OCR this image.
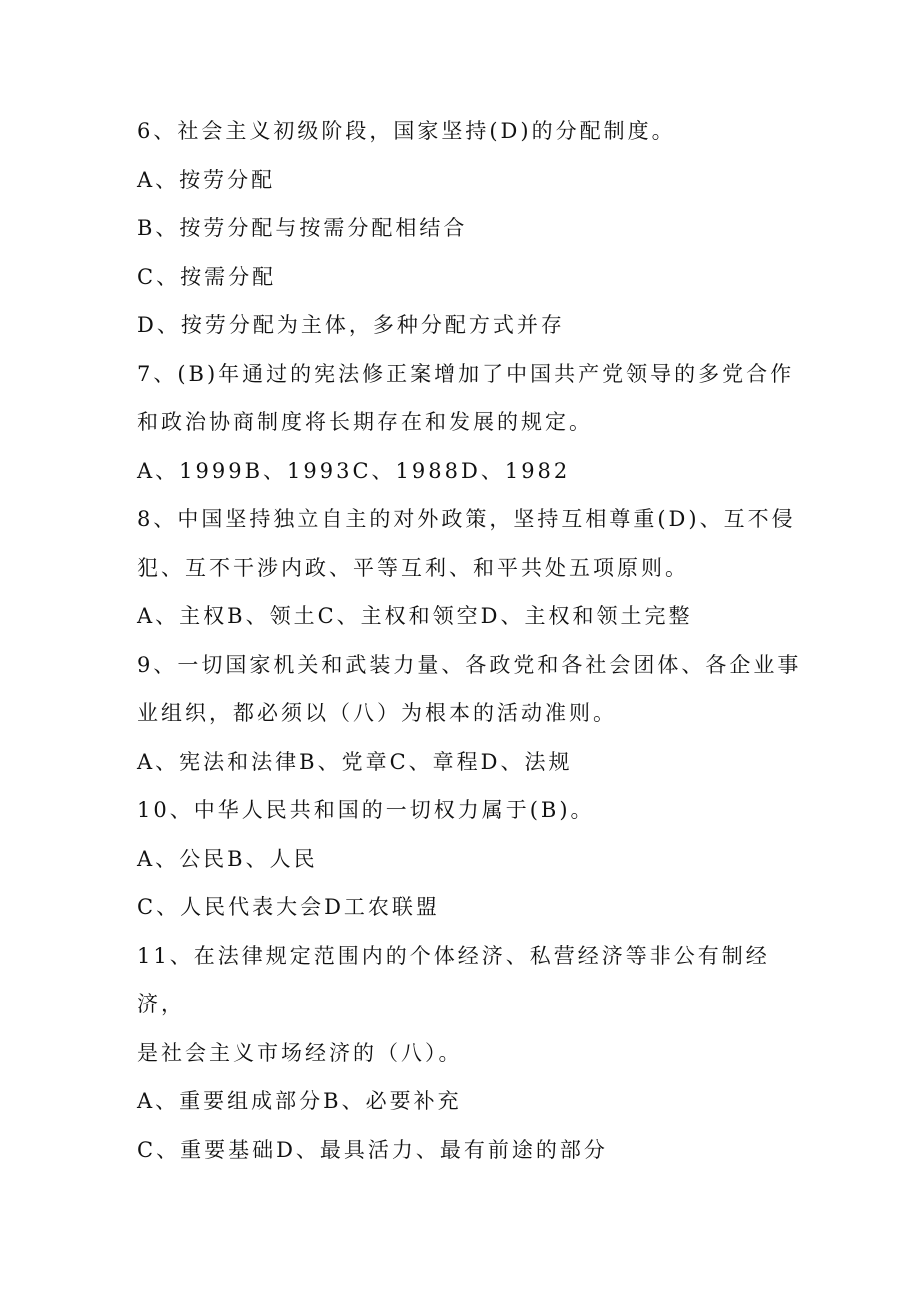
6、社会主义初级阶段，国家坚持(D)的分配制度。
A、按劳分配
B、按劳分配与按需分配相结合
C、按需分配
D、按劳分配为主体，多种分配方式并存
7、(B)年通过的宪法修正案增加了中国共产党领导的多党合作
和政治协商制度将长期存在和发展的规定。
A、1999B、1993C、1988D、1982
8、中国坚持独立自主的对外政策，坚持互相尊重(D)、互不侵
犯、互不干涉内政、平等互利、和平共处五项原则。
A、主权B、领土C、主权和领空D、主权和领土完整
9、一切国家机关和武装力量、各政党和各社会团体、各企业事
业组织，都必须以（八）为根本的活动准则。
A、宪法和法律B、党章C、章程D、法规
10、中华人民共和国的一切权力属于(B)。
A、公民B、人民
C、人民代表大会D工农联盟
11、在法律规定范围内的个体经济、私营经济等非公有制经
济，
是社会主义市场经济的（八）。
A、重要组成部分B、必要补充
C、重要基础D、最具活力、最有前途的部分
